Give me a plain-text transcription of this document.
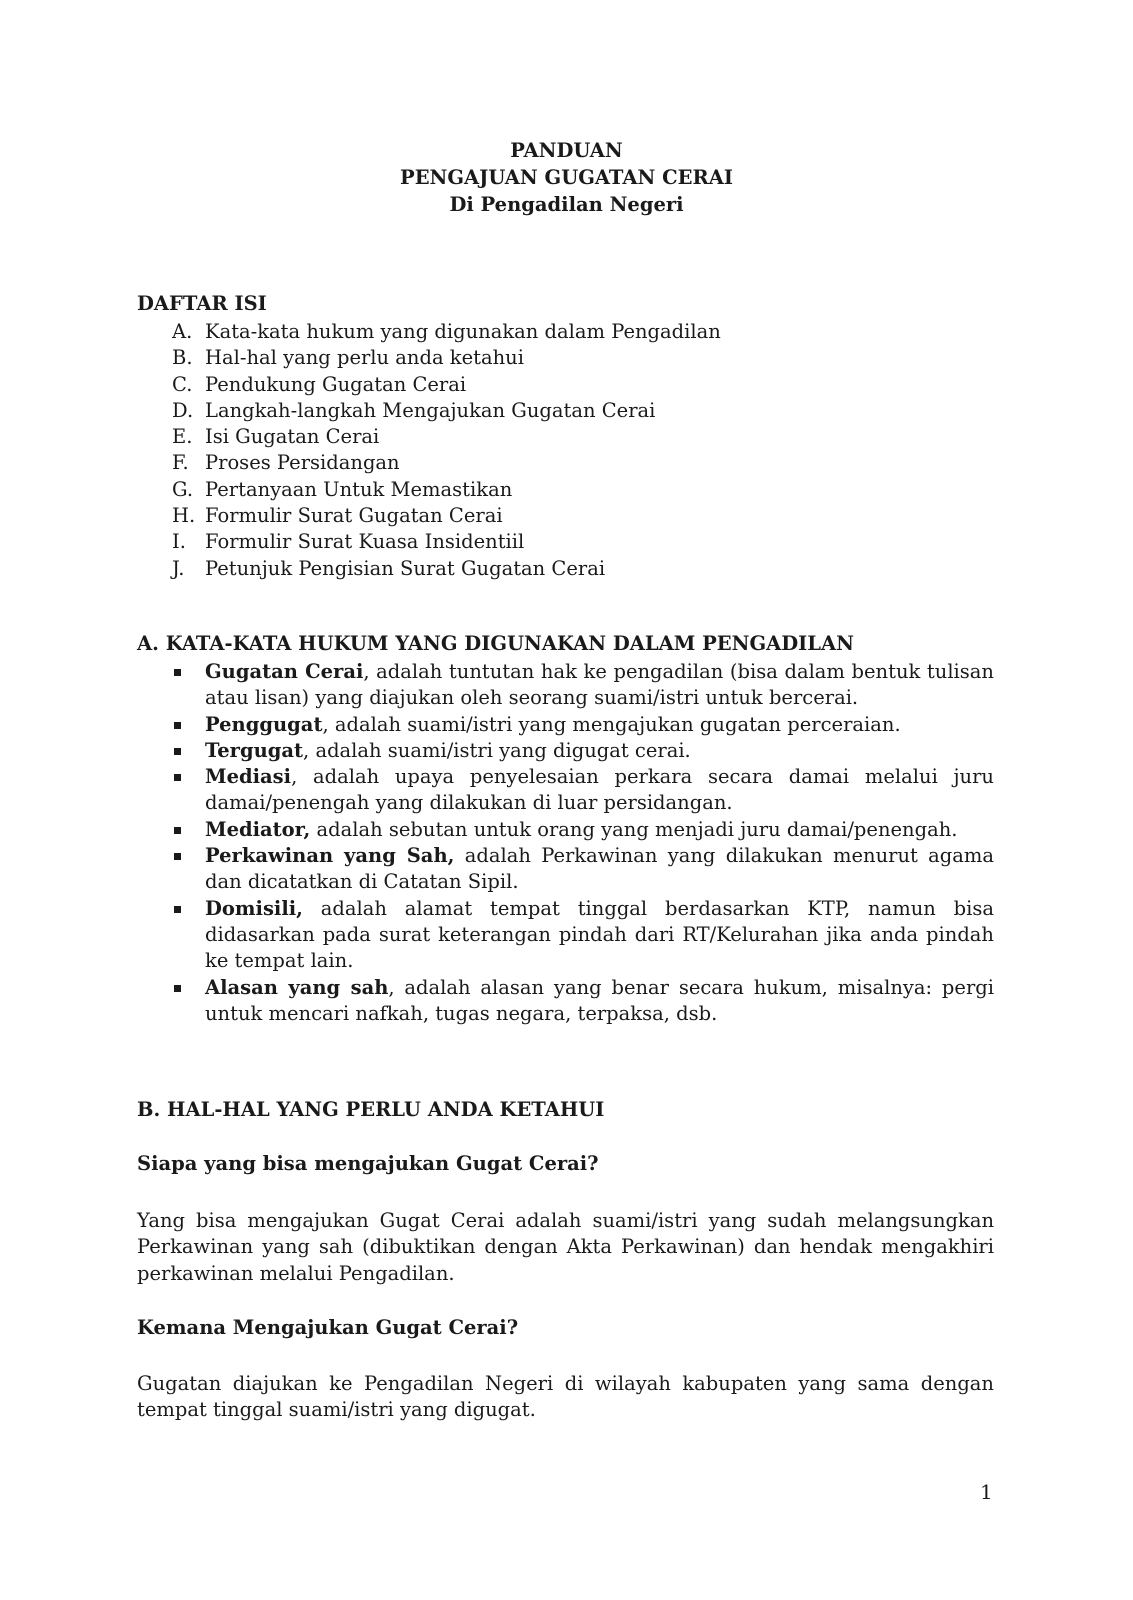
PANDUAN
PENGAJUAN GUGATAN CERAI
Di Pengadilan Negeri
DAFTAR ISI
A. Kata-kata hukum yang digunakan dalam Pengadilan
B. Hal-hal yang perlu anda ketahui
C. Pendukung Gugatan Cerai
D. Langkah-langkah Mengajukan Gugatan Cerai
E. Isi Gugatan Cerai
F. Proses Persidangan
G. Pertanyaan Untuk Memastikan
H. Formulir Surat Gugatan Cerai
I. Formulir Surat Kuasa Insidentiil
J. Petunjuk Pengisian Surat Gugatan Cerai
A. KATA-KATA HUKUM YANG DIGUNAKAN DALAM PENGADILAN
Gugatan Cerai, adalah tuntutan hak ke pengadilan (bisa dalam bentuk tulisan atau lisan) yang diajukan oleh seorang suami/istri untuk bercerai.
Penggugat, adalah suami/istri yang mengajukan gugatan perceraian.
Tergugat, adalah suami/istri yang digugat cerai.
Mediasi, adalah upaya penyelesaian perkara secara damai melalui juru damai/penengah yang dilakukan di luar persidangan.
Mediator, adalah sebutan untuk orang yang menjadi juru damai/penengah.
Perkawinan yang Sah, adalah Perkawinan yang dilakukan menurut agama dan dicatatkan di Catatan Sipil.
Domisili, adalah alamat tempat tinggal berdasarkan KTP, namun bisa didasarkan pada surat keterangan pindah dari RT/Kelurahan jika anda pindah ke tempat lain.
Alasan yang sah, adalah alasan yang benar secara hukum, misalnya: pergi untuk mencari nafkah, tugas negara, terpaksa, dsb.
B. HAL-HAL YANG PERLU ANDA KETAHUI
Siapa yang bisa mengajukan Gugat Cerai?

Yang bisa mengajukan Gugat Cerai adalah suami/istri yang sudah melangsungkan Perkawinan yang sah (dibuktikan dengan Akta Perkawinan) dan hendak mengakhiri perkawinan melalui Pengadilan.

Kemana Mengajukan Gugat Cerai?

Gugatan diajukan ke Pengadilan Negeri di wilayah kabupaten yang sama dengan tempat tinggal suami/istri yang digugat.

1
